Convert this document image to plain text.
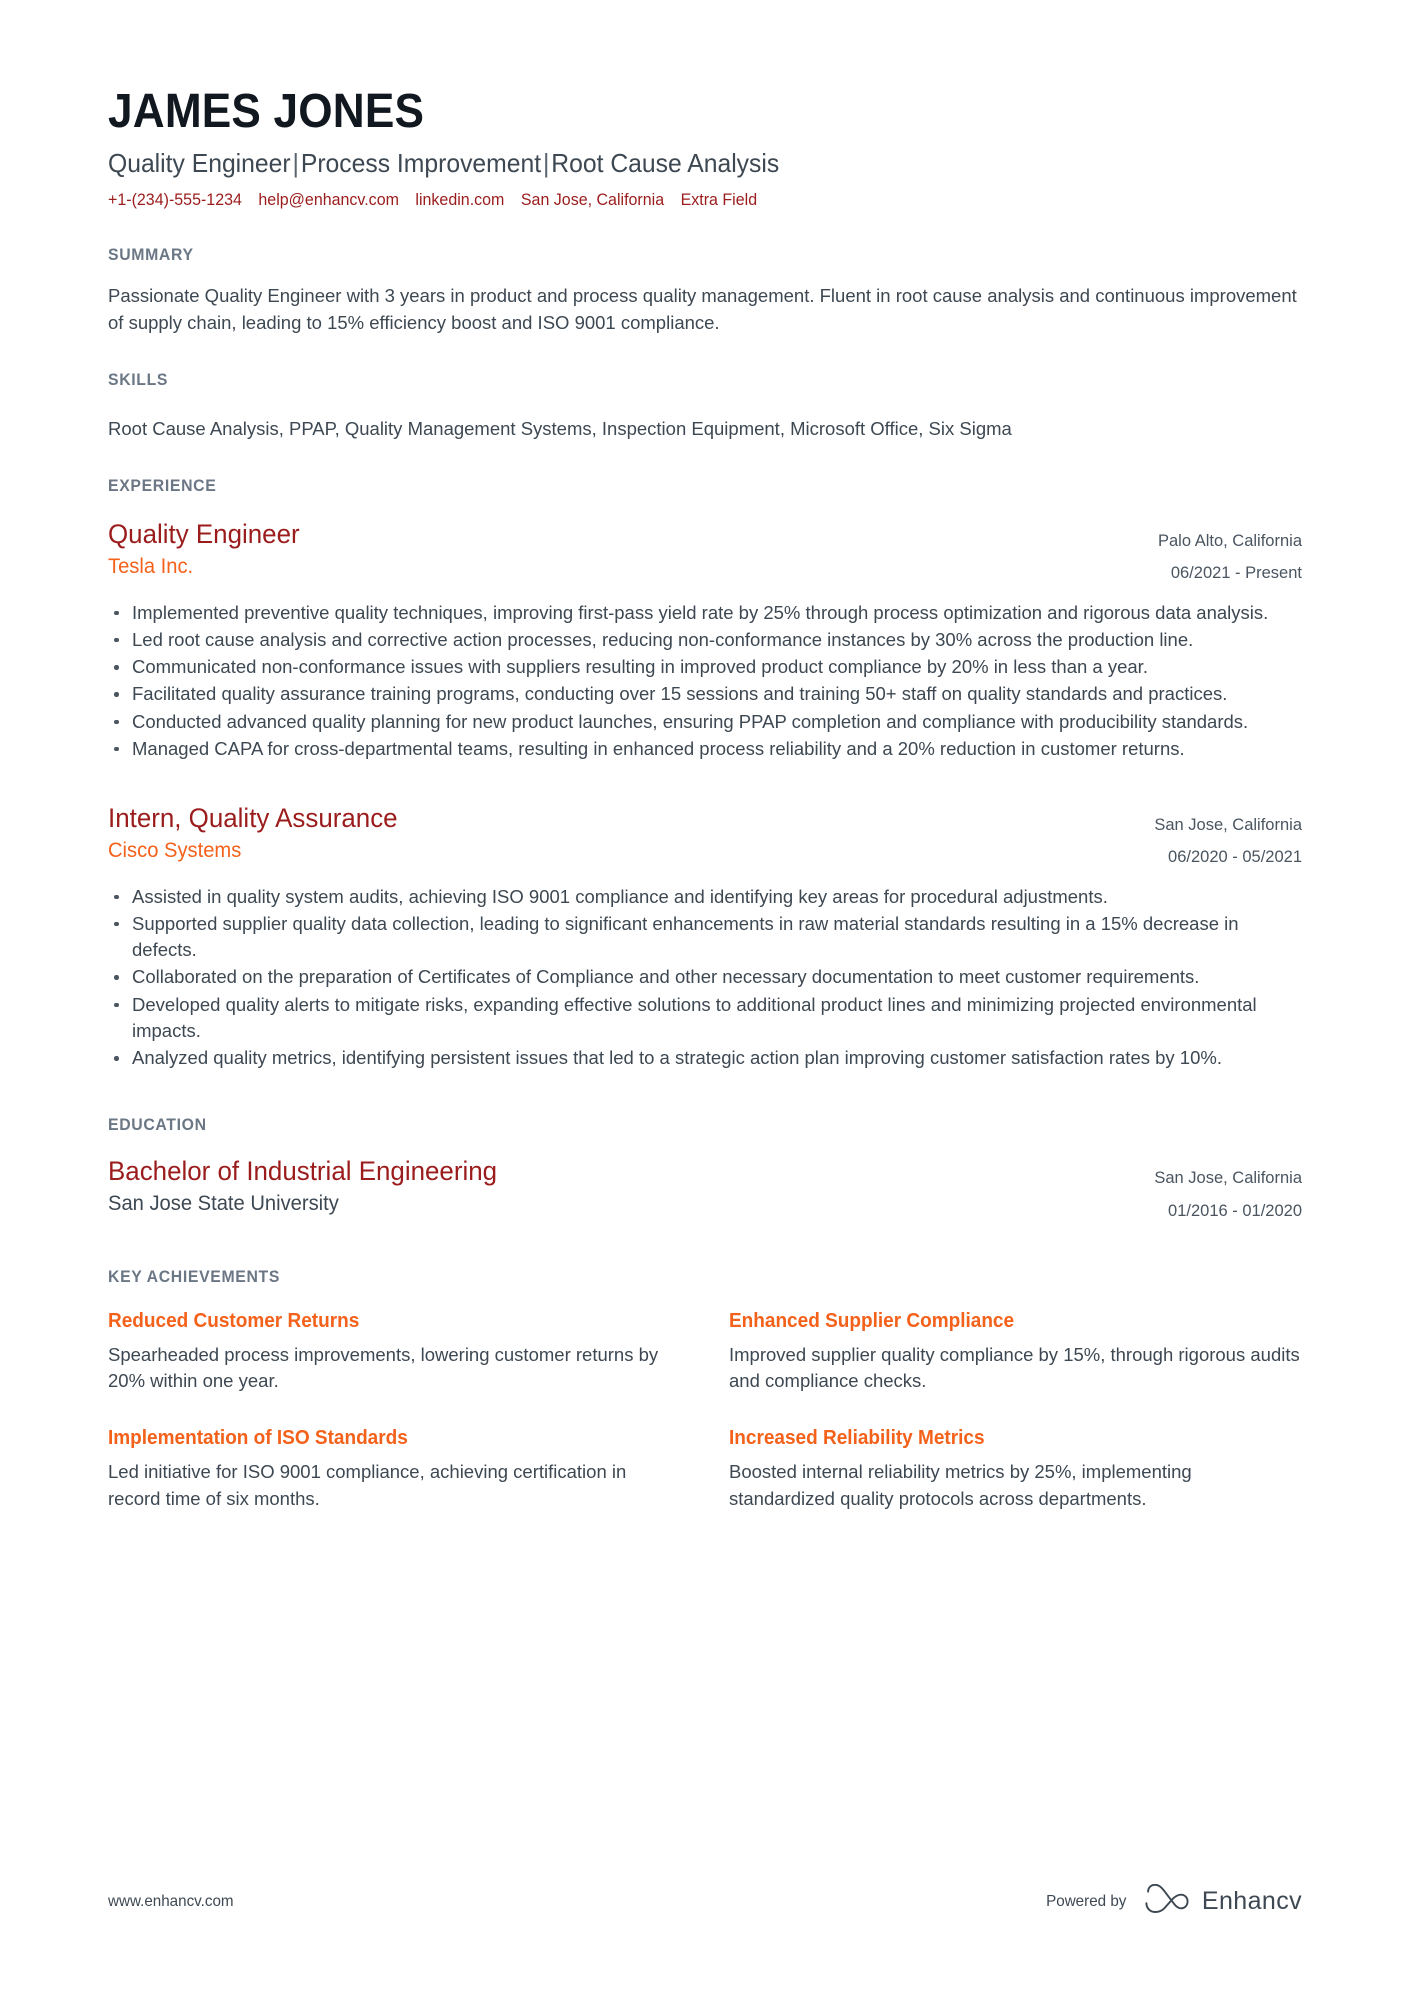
JAMES JONES
Quality Engineer|Process Improvement|Root Cause Analysis
+1-(234)-555-1234 help@enhancv.com linkedin.com San Jose, California Extra Field
SUMMARY

Passionate Quality Engineer with 3 years in product and process quality management. Fluent in root cause analysis and continuous improvement of supply chain, leading to 15% efficiency boost and ISO 9001 compliance.

SKILLS

Root Cause Analysis, PPAP, Quality Management Systems, Inspection Equipment, Microsoft Office, Six Sigma

EXPERIENCE
Quality Engineer
Tesla Inc.
Palo Alto, California
06/2021 - Present
Implemented preventive quality techniques, improving first-pass yield rate by 25% through process optimization and rigorous data analysis.
Led root cause analysis and corrective action processes, reducing non-conformance instances by 30% across the production line.
Communicated non-conformance issues with suppliers resulting in improved product compliance by 20% in less than a year.
Facilitated quality assurance training programs, conducting over 15 sessions and training 50+ staff on quality standards and practices.
Conducted advanced quality planning for new product launches, ensuring PPAP completion and compliance with producibility standards.
Managed CAPA for cross-departmental teams, resulting in enhanced process reliability and a 20% reduction in customer returns.
Intern, Quality Assurance
Cisco Systems
San Jose, California
06/2020 - 05/2021
Assisted in quality system audits, achieving ISO 9001 compliance and identifying key areas for procedural adjustments.
Supported supplier quality data collection, leading to significant enhancements in raw material standards resulting in a 15% decrease in defects.
Collaborated on the preparation of Certificates of Compliance and other necessary documentation to meet customer requirements.
Developed quality alerts to mitigate risks, expanding effective solutions to additional product lines and minimizing projected environmental impacts.
Analyzed quality metrics, identifying persistent issues that led to a strategic action plan improving customer satisfaction rates by 10%.
EDUCATION
Bachelor of Industrial Engineering
San Jose State University
San Jose, California
01/2016 - 01/2020
KEY ACHIEVEMENTS
Reduced Customer Returns
Spearheaded process improvements, lowering customer returns by 20% within one year.
Enhanced Supplier Compliance
Improved supplier quality compliance by 15%, through rigorous audits and compliance checks.
Implementation of ISO Standards
Led initiative for ISO 9001 compliance, achieving certification in record time of six months.
Increased Reliability Metrics
Boosted internal reliability metrics by 25%, implementing standardized quality protocols across departments.
www.enhancv.com	Powered by	Enhancv
